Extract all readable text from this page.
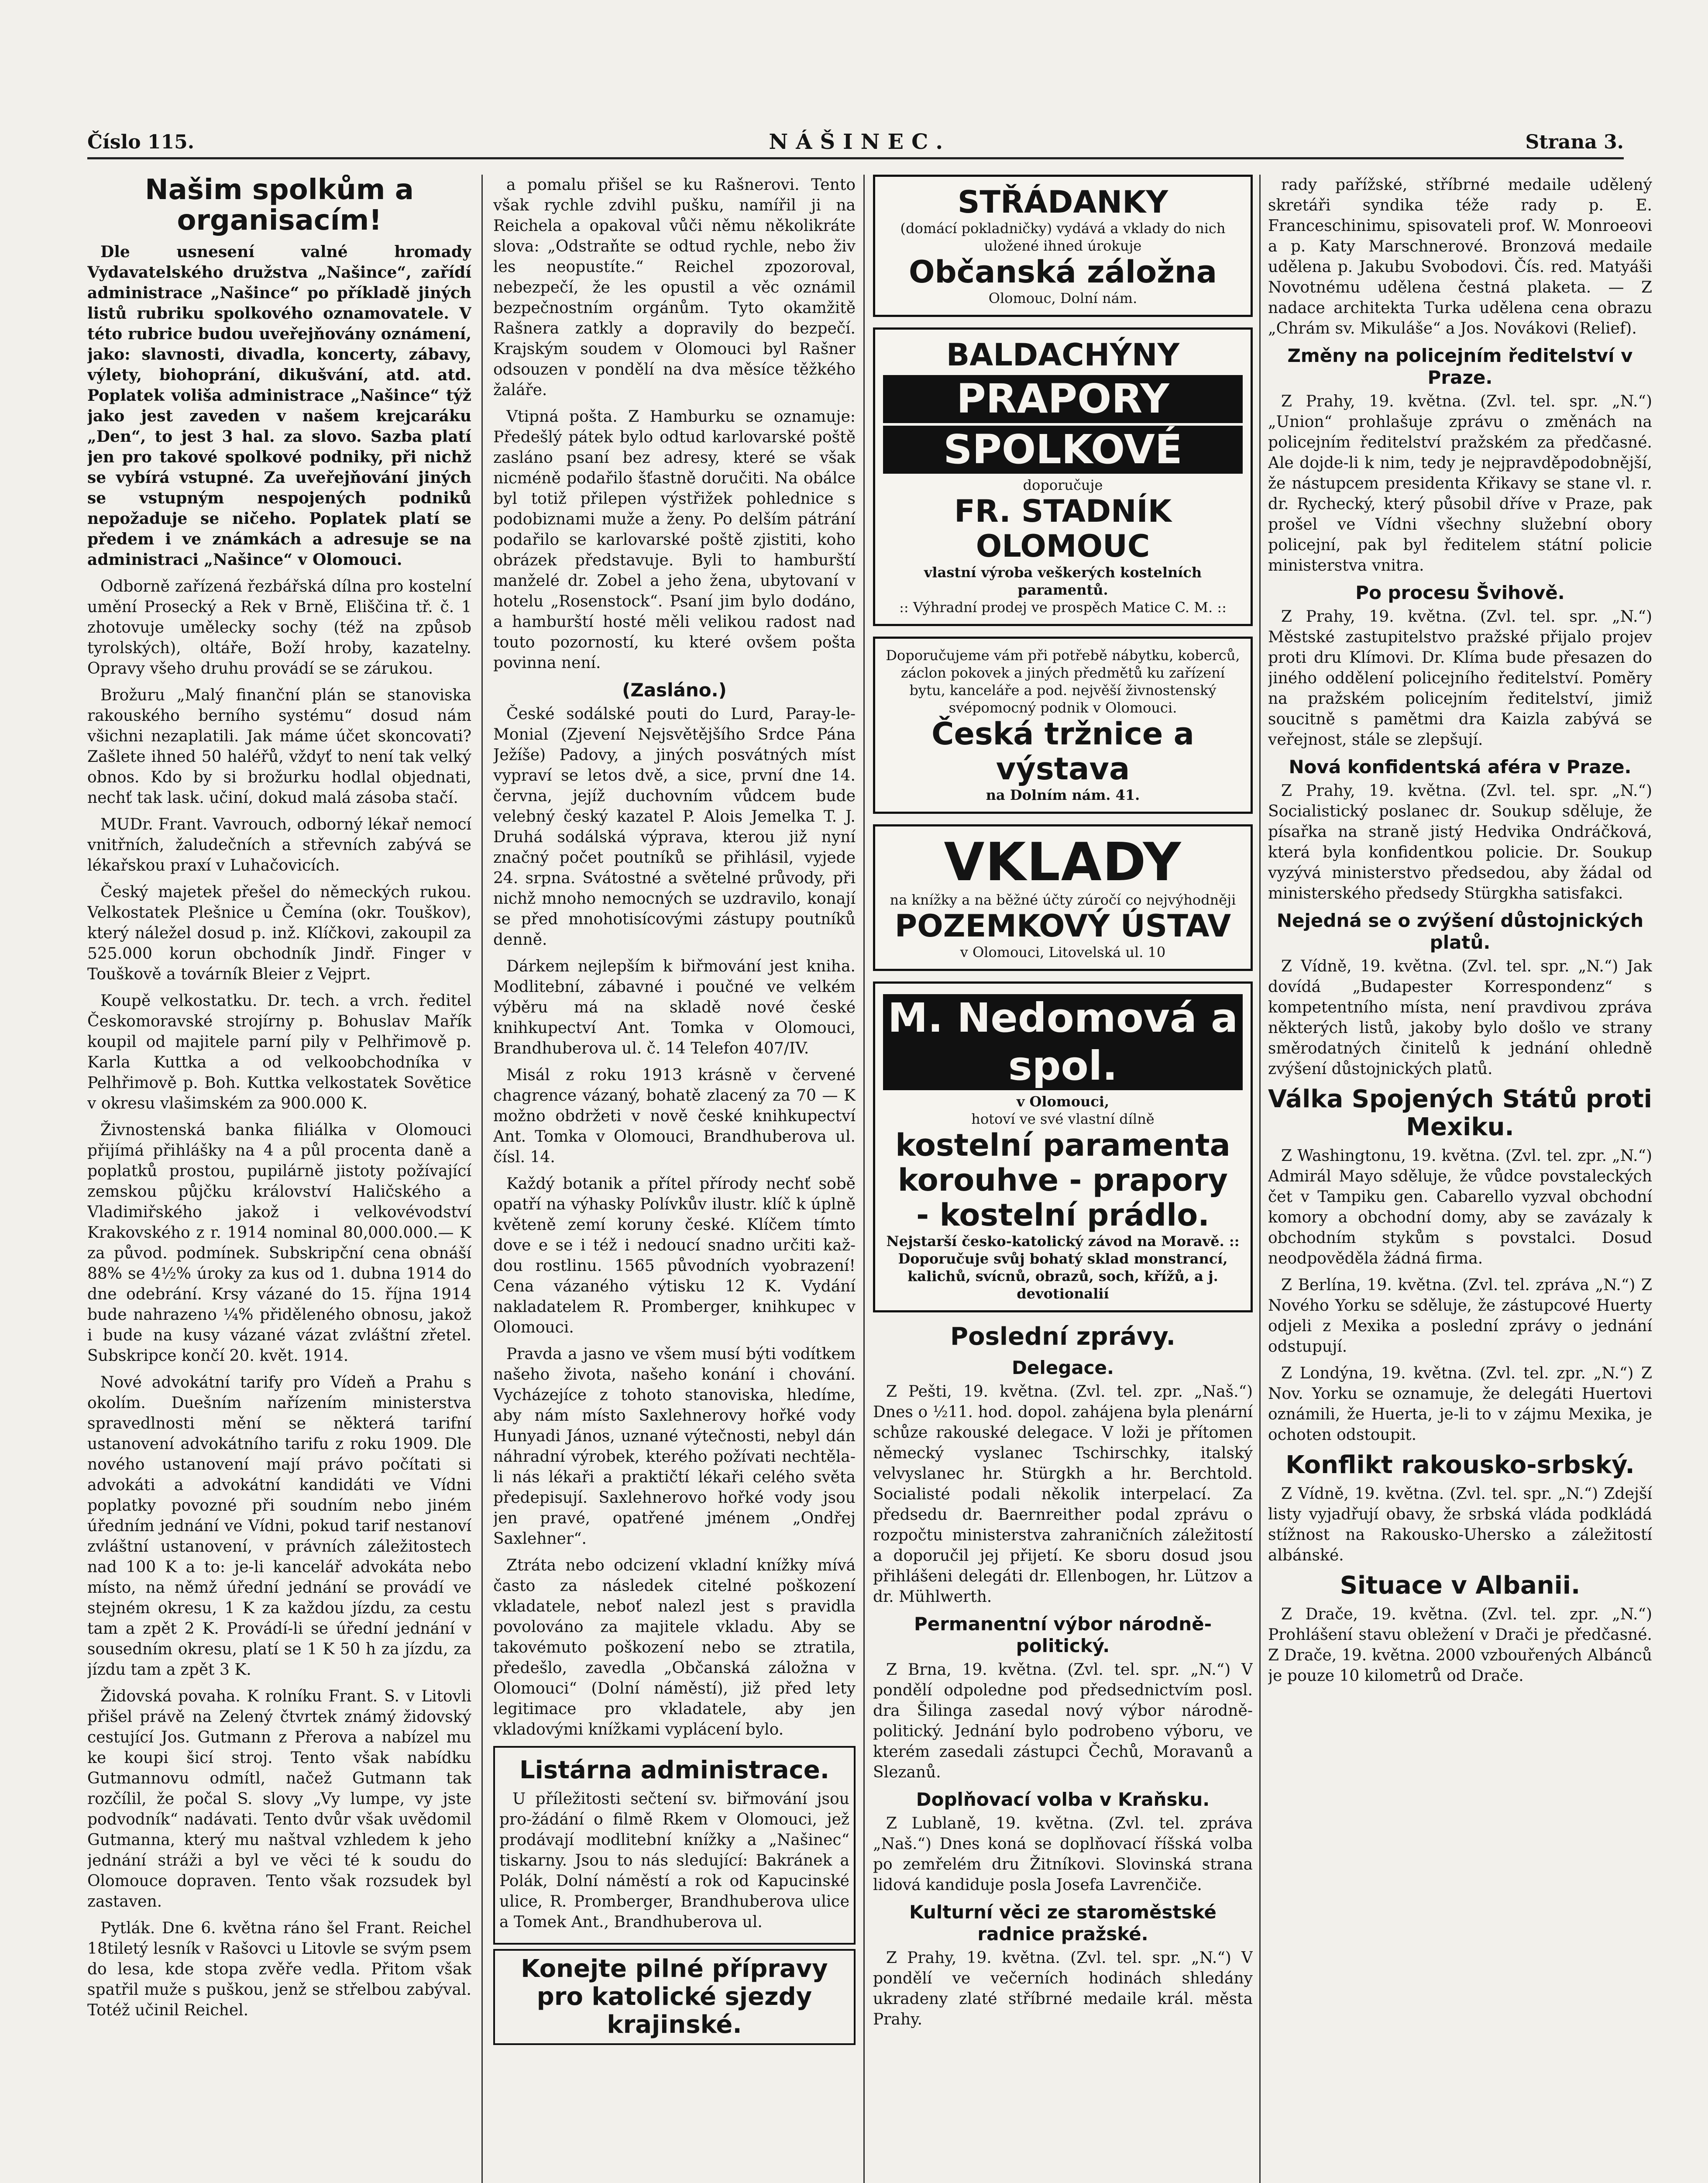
Číslo 115.	NÁŠINEC.	Strana 3.
Našim spolkům a organisacím!

Dle usnesení valné hromady Vydavatelského družstva „Našince“, zařídí administrace „Našince“ po příkladě jiných listů rubriku spolkového oznamovatele. V této rubrice budou uveřejňovány oznámení, jako: slavnosti, divadla, koncerty, zábavy, výlety, biohoprání, dikušvání, atd. atd. Poplatek voliša administrace „Našince“ týž jako jest zaveden v našem krejcaráku „Den“, to jest 3 hal. za slovo. Sazba platí jen pro takové spolkové podniky, při nichž se vybírá vstupné. Za uveřejňování jiných se vstupným nespojených podniků nepožaduje se ničeho. Poplatek platí se předem i ve známkách a adresuje se na administraci „Našince“ v Olomouci.

Odborně zařízená řezbářská dílna pro kostelní umění Prosecký a Rek v Brně, Eliščina tř. č. 1 zhotovuje umělecky sochy (též na způsob tyrolských), oltáře, Boží hroby, kazatelny. Opravy všeho druhu provádí se se zárukou.

Brožuru „Malý finanční plán se stanoviska rakouského berního systému“ dosud nám všichni nezaplatili. Jak máme účet skoncovati? Zašlete ihned 50 haléřů, vždyť to není tak velký obnos. Kdo by si brožurku hodlal objednati, nechť tak lask. učiní, dokud malá zásoba stačí.

MUDr. Frant. Vavrouch, odborný lékař nemocí vnitřních, žaludečních a střevních zabývá se lékařskou praxí v Luhačovicích.

Český majetek přešel do německých rukou. Velkostatek Plešnice u Čemína (okr. Touškov), který náležel dosud p. inž. Klíčkovi, zakoupil za 525.000 korun obchodník Jindř. Finger v Touškově a továrník Bleier z Vejprt.

Koupě velkostatku. Dr. tech. a vrch. ředitel Českomoravské strojírny p. Bohuslav Mařík koupil od majitele parní pily v Pelhřimově p. Karla Kuttka a od velkoobchodníka v Pelhřimově p. Boh. Kuttka velkostatek Sovětice v okresu vlašimském za 900.000 K.

Živnostenská banka filiálka v Olomouci přijímá přihlášky na 4 a půl procenta daně a poplatků prostou, pupilárně jistoty požívající zemskou půjčku království Haličského a Vladimiřského jakož i velkovévodství Krakovského z r. 1914 nominal 80,000.000.— K za původ. podmínek. Subskripční cena obnáší 88% se 4½% úroky za kus od 1. dubna 1914 do dne odebrání. Krsy vázané do 15. října 1914 bude nahrazeno ¼% přiděleného obnosu, jakož i bude na kusy vázané vázat zvláštní zřetel. Subskripce končí 20. květ. 1914.

Nové advokátní tarify pro Vídeň a Prahu s okolím. Duešním nařízením ministerstva spravedlnosti mění se některá tarifní ustanovení advokátního tarifu z roku 1909. Dle nového ustanovení mají právo počítati si advokáti a advokátní kandidáti ve Vídni poplatky povozné při soudním nebo jiném úředním jednání ve Vídni, pokud tarif nestanoví zvláštní ustanovení, v právních záležitostech nad 100 K a to: je-li kancelář advokáta nebo místo, na němž úřední jednání se provádí ve stejném okresu, 1 K za každou jízdu, za cestu tam a zpět 2 K. Provádí-li se úřední jednání v sousedním okresu, platí se 1 K 50 h za jízdu, za jízdu tam a zpět 3 K.

Židovská povaha. K rolníku Frant. S. v Litovli přišel právě na Zelený čtvrtek známý židovský cestující Jos. Gutmann z Přerova a nabízel mu ke koupi šicí stroj. Tento však nabídku Gutmannovu odmítl, načež Gutmann tak rozčílil, že počal S. slovy „Vy lumpe, vy jste podvodník“ nadávati. Tento dvůr však uvědomil Gutmanna, který mu naštval vzhledem k jeho jednání stráži a byl ve věci té k soudu do Olomouce dopraven. Tento však rozsudek byl zastaven.

Pytlák. Dne 6. května ráno šel Frant. Reichel 18tiletý lesník v Rašovci u Litovle se svým psem do lesa, kde stopa zvěře vedla. Přitom však spatřil muže s puškou, jenž se střelbou zabýval. Totéž učinil Reichel.

a pomalu přišel se ku Rašnerovi. Tento však rychle zdvihl pušku, namířil ji na Reichela a opakoval vůči němu několikráte slova: „Odstraňte se odtud rychle, nebo živ les neopustíte.“ Reichel zpozoroval, nebezpečí, že les opustil a věc oznámil bezpečnostním orgánům. Tyto okamžitě Rašnera zatkly a dopravily do bezpečí. Krajským soudem v Olomouci byl Rašner odsouzen v pondělí na dva měsíce těžkého žaláře.

Vtipná pošta. Z Hamburku se oznamuje: Předešlý pátek bylo odtud karlovarské poště zasláno psaní bez adresy, které se však nicméně podařilo šťastně doručiti. Na obálce byl totiž přilepen výstřižek pohlednice s podobiznami muže a ženy. Po delším pátrání podařilo se karlovarské poště zjistiti, koho obrázek představuje. Byli to hamburští manželé dr. Zobel a jeho žena, ubytovaní v hotelu „Rosenstock“. Psaní jim bylo dodáno, a hamburští hosté měli velikou radost nad touto pozorností, ku které ovšem pošta povinna není.

(Zasláno.)

České sodálské pouti do Lurd, Paray-le-Monial (Zjevení Nejsvětějšího Srdce Pána Ježíše) Padovy, a jiných posvátných míst vypraví se letos dvě, a sice, první dne 14. června, jejíž duchovním vůdcem bude velebný český kazatel P. Alois Jemelka T. J. Druhá sodálská výprava, kterou již nyní značný počet poutníků se přihlásil, vyjede 24. srpna. Svátostné a světelné průvody, při nichž mnoho nemocných se uzdravilo, konají se před mnohotisícovými zástupy poutníků denně.

Dárkem nejlepším k biřmování jest kniha. Modlitební, zábavné i poučné ve velkém výběru má na skladě nové české knihkupectví Ant. Tomka v Olomouci, Brandhuberova ul. č. 14 Telefon 407/IV.

Misál z roku 1913 krásně v červené chagrence vázaný, bohatě zlacený za 70 — K možno obdržeti v nově české knihkupectví Ant. Tomka v Olomouci, Brandhuberova ul. čísl. 14.

Každý botanik a přítel přírody nechť sobě opatří na výhasky Polívkův ilustr. klíč k úplně květeně zemí koruny české. Klíčem tímto dove e se i též i nedoucí snadno určiti kaž-dou rostlinu. 1565 původních vyobrazení! Cena vázaného výtisku 12 K. Vydání nakladatelem R. Promberger, knihkupec v Olomouci.

Pravda a jasno ve všem musí býti vodítkem našeho života, našeho konání i chování. Vycházejíce z tohoto stanoviska, hledíme, aby nám místo Saxlehnerovy hořké vody Hunyadi János, uznané výtečnosti, nebyl dán náhradní výrobek, kterého požívati nechtěla-li nás lékaři a praktičtí lékaři celého světa předepisují. Saxlehnerovo hořké vody jsou jen pravé, opatřené jménem „Ondřej Saxlehner“.

Ztráta nebo odcizení vkladní knížky mívá často za následek citelné poškození vkladatele, neboť nalezl jest s pravidla povolováno za majitele vkladu. Aby se takovémuto poškození nebo se ztratila, předešlo, zavedla „Občanská záložna v Olomouci“ (Dolní náměstí), již před lety legitimace pro vkladatele, aby jen vkladovými knížkami vyplácení bylo.

Listárna administrace.

U příležitosti sečtení sv. biřmování jsou pro-žádání o filmě Rkem v Olomouci, jež prodávají modlitební knížky a „Našinec“ tiskarny. Jsou to nás sledující: Bakránek a Polák, Dolní náměstí a rok od Kapucinské ulice, R. Promberger, Brandhuberova ulice a Tomek Ant., Brandhuberova ul.

Konejte pilné přípravy pro katolické sjezdy krajinské.
STŘÁDANKY
(domácí pokladničky) vydává a vklady do nich uložené ihned úrokuje
Občanská záložna
Olomouc, Dolní nám.
BALDACHÝNY
PRAPORY
SPOLKOVÉ
doporučuje
FR. STADNÍK
OLOMOUC
vlastní výroba veškerých kostelních paramentů.
:: Výhradní prodej ve prospěch Matice C. M. ::
Doporučujeme vám při potřebě nábytku, koberců, záclon pokovek a jiných předmětů ku zařízení bytu, kanceláře a pod. nejvěší živnostenský svépomocný podnik v Olomouci.
Česká tržnice a výstava
na Dolním nám. 41.
VKLADY
na knížky a na běžné účty zúročí co nejvýhodněji
POZEMKOVÝ ÚSTAV
v Olomouci, Litovelská ul. 10
M. Nedomová a spol.
v Olomouci,
hotoví ve své vlastní dílně
kostelní paramenta
korouhve - prapory
- kostelní prádlo.
Nejstarší česko-katolický závod na Moravě. :: Doporučuje svůj bohatý sklad monstrancí, kalichů, svícnů, obrazů, soch, křížů, a j. devotionalií
Poslední zprávy.
Delegace.

Z Pešti, 19. května. (Zvl. tel. zpr. „Naš.“) Dnes o ½11. hod. dopol. zahájena byla plenární schůze rakouské delegace. V loži je přítomen německý vyslanec Tschirschky, italský velvyslanec hr. Stürgkh a hr. Berchtold. Socialisté podali několik interpelací. Za předsedu dr. Baernreither podal zprávu o rozpočtu ministerstva zahraničních záležitostí a doporučil jej přijetí. Ke sboru dosud jsou přihlášeni delegáti dr. Ellenbogen, hr. Lützov a dr. Mühlwerth.

Permanentní výbor národně-politický.

Z Brna, 19. května. (Zvl. tel. spr. „N.“) V pondělí odpoledne pod předsednictvím posl. dra Šilinga zasedal nový výbor národně-politický. Jednání bylo podrobeno výboru, ve kterém zasedali zástupci Čechů, Moravanů a Slezanů.

Doplňovací volba v Kraňsku.

Z Lublaně, 19. května. (Zvl. tel. zpráva „Naš.“) Dnes koná se doplňovací říšská volba po zemřelém dru Žitníkovi. Slovinská strana lidová kandiduje posla Josefa Lavrenčiče.

Kulturní věci ze staroměstské radnice pražské.

Z Prahy, 19. května. (Zvl. tel. spr. „N.“) V pondělí ve večerních hodinách shledány ukradeny zlaté stříbrné medaile král. města Prahy.

rady pařížské, stříbrné medaile udělený skretáři syndika téže rady p. E. Franceschinimu, spisovateli prof. W. Monroeovi a p. Katy Marschnerové. Bronzová medaile udělena p. Jakubu Svobodovi. Čís. red. Matyáši Novotnému udělena čestná plaketa. — Z nadace architekta Turka udělena cena obrazu „Chrám sv. Mikuláše“ a Jos. Novákovi (Relief).

Změny na policejním ředitelství v Praze.

Z Prahy, 19. května. (Zvl. tel. spr. „N.“) „Union“ prohlašuje zprávu o změnách na policejním ředitelství pražském za předčasné. Ale dojde-li k nim, tedy je nejpravděpodobnější, že nástupcem presidenta Křikavy se stane vl. r. dr. Rychecký, který působil dříve v Praze, pak prošel ve Vídni všechny služební obory policejní, pak byl ředitelem státní policie ministerstva vnitra.

Po procesu Švihově.

Z Prahy, 19. května. (Zvl. tel. spr. „N.“) Městské zastupitelstvo pražské přijalo projev proti dru Klímovi. Dr. Klíma bude přesazen do jiného oddělení policejního ředitelství. Pomĕry na pražském policejním ředitelství, jimiž soucitně s pamětmi dra Kaizla zabývá se veřejnost, stále se zlepšují.

Nová konfidentská aféra v Praze.

Z Prahy, 19. května. (Zvl. tel. spr. „N.“) Socialistický poslanec dr. Soukup sděluje, že písařka na straně jistý Hedvika Ondráčková, která byla konfidentkou policie. Dr. Soukup vyzývá ministerstvo předsedou, aby žádal od ministerského předsedy Stürgkha satisfakci.

Nejedná se o zvýšení důstojnických platů.

Z Vídně, 19. května. (Zvl. tel. spr. „N.“) Jak dovídá „Budapester Korrespondenz“ s kompetentního místa, není pravdivou zpráva některých listů, jakoby bylo došlo ve strany směrodatných činitelů k jednání ohledně zvýšení důstojnických platů.

Válka Spojených Států proti Mexiku.

Z Washingtonu, 19. května. (Zvl. tel. zpr. „N.“) Admirál Mayo sděluje, že vůdce povstaleckých čet v Tampiku gen. Cabarello vyzval obchodní komory a obchodní domy, aby se zavázaly k obchodním stykům s povstalci. Dosud neodpověděla žádná firma.

Z Berlína, 19. května. (Zvl. tel. zpráva „N.“) Z Nového Yorku se sděluje, že zástupcové Huerty odjeli z Mexika a poslední zprávy o jednání odstupují.

Z Londýna, 19. května. (Zvl. tel. zpr. „N.“) Z Nov. Yorku se oznamuje, že delegáti Huertovi oznámili, že Huerta, je-li to v zájmu Mexika, je ochoten odstoupit.

Konflikt rakousko-srbský.

Z Vídně, 19. května. (Zvl. tel. spr. „N.“) Zdejší listy vyjadřují obavy, že srbská vláda podkládá stížnost na Rakousko-Uhersko a záležitostí albánské.

Situace v Albanii.

Z Drače, 19. května. (Zvl. tel. zpr. „N.“) Prohlášení stavu obležení v Drači je předčasné. Z Drače, 19. května. 2000 vzbouřených Albánců je pouze 10 kilometrů od Drače.
